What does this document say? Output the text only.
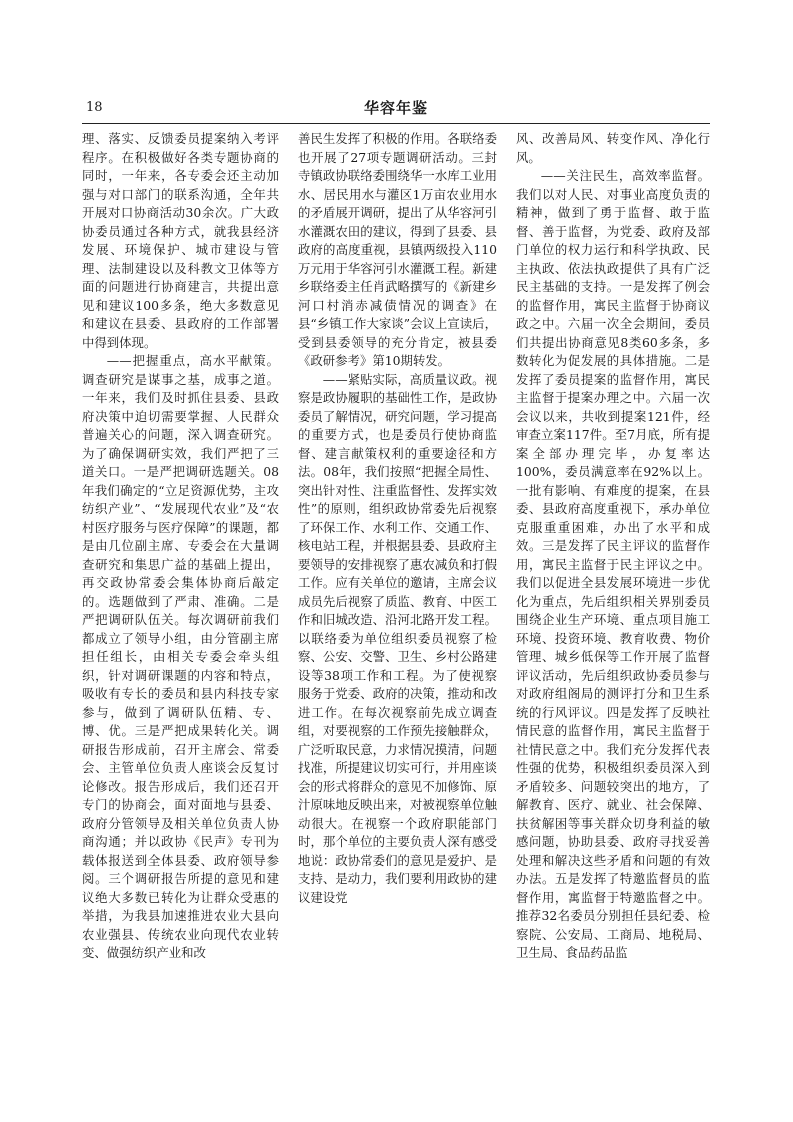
18	华容年鉴

理、落实、反馈委员提案纳入考评程序。在积极做好各类专题协商的同时，一年来，各专委会还主动加强与对口部门的联系沟通，全年共开展对口协商活动30余次。广大政协委员通过各种方式，就我县经济发展、环境保护、城市建设与管理、法制建设以及科教文卫体等方面的问题进行协商建言，共提出意见和建议100多条，绝大多数意见和建议在县委、县政府的工作部署中得到体现。

——把握重点，高水平献策。调查研究是谋事之基，成事之道。一年来，我们及时抓住县委、县政府决策中迫切需要掌握、人民群众普遍关心的问题，深入调查研究。为了确保调研实效，我们严把了三道关口。一是严把调研选题关。08年我们确定的“立足资源优势，主攻纺织产业”、“发展现代农业”及“农村医疗服务与医疗保障”的课题，都是由几位副主席、专委会在大量调查研究和集思广益的基础上提出，再交政协常委会集体协商后敲定的。选题做到了严肃、准确。二是严把调研队伍关。每次调研前我们都成立了领导小组，由分管副主席担任组长，由相关专委会牵头组织，针对调研课题的内容和特点，吸收有专长的委员和县内科技专家参与，做到了调研队伍精、专、博、优。三是严把成果转化关。调研报告形成前，召开主席会、常委会、主管单位负责人座谈会反复讨论修改。报告形成后，我们还召开专门的协商会，面对面地与县委、政府分管领导及相关单位负责人协商沟通；并以政协《民声》专刊为载体报送到全体县委、政府领导参阅。三个调研报告所提的意见和建议绝大多数已转化为让群众受惠的举措，为我县加速推进农业大县向农业强县、传统农业向现代农业转变、做强纺织产业和改

善民生发挥了积极的作用。各联络委也开展了27项专题调研活动。三封寺镇政协联络委围绕华一水库工业用水、居民用水与灌区1万亩农业用水的矛盾展开调研，提出了从华容河引水灌溉农田的建议，得到了县委、县政府的高度重视，县镇两级投入110万元用于华容河引水灌溉工程。新建乡联络委主任肖武略撰写的《新建乡河口村消赤减债情况的调查》在县“乡镇工作大家谈”会议上宣读后，受到县委领导的充分肯定，被县委《政研参考》第10期转发。

——紧贴实际，高质量议政。视察是政协履职的基础性工作，是政协委员了解情况，研究问题，学习提高的重要方式，也是委员行使协商监督、建言献策权利的重要途径和方法。08年，我们按照“把握全局性、突出针对性、注重监督性、发挥实效性”的原则，组织政协常委先后视察了环保工作、水利工作、交通工作、核电站工程，并根据县委、县政府主要领导的安排视察了惠农减负和打假工作。应有关单位的邀请，主席会议成员先后视察了质监、教育、中医工作和旧城改造、沿河北路开发工程。以联络委为单位组织委员视察了检察、公安、交警、卫生、乡村公路建设等38项工作和工程。为了使视察服务于党委、政府的决策，推动和改进工作。在每次视察前先成立调查组，对要视察的工作预先接触群众，广泛听取民意，力求情况摸清，问题找准，所提建议切实可行，并用座谈会的形式将群众的意见不加修饰、原汁原味地反映出来，对被视察单位触动很大。在视察一个政府职能部门时，那个单位的主要负责人深有感受地说：政协常委们的意见是爱护、是支持、是动力，我们要利用政协的建议建设党

风、改善局风、转变作风、净化行风。

——关注民生，高效率监督。我们以对人民、对事业高度负责的精神，做到了勇于监督、敢于监督、善于监督，为党委、政府及部门单位的权力运行和科学执政、民主执政、依法执政提供了具有广泛民主基础的支持。一是发挥了例会的监督作用，寓民主监督于协商议政之中。六届一次全会期间，委员们共提出协商意见8类60多条，多数转化为促发展的具体措施。二是发挥了委员提案的监督作用，寓民主监督于提案办理之中。六届一次会议以来，共收到提案121件，经审查立案117件。至7月底，所有提案全部办理完毕，办复率达100%，委员满意率在92%以上。一批有影响、有难度的提案，在县委、县政府高度重视下，承办单位克服重重困难，办出了水平和成效。三是发挥了民主评议的监督作用，寓民主监督于民主评议之中。我们以促进全县发展环境进一步优化为重点，先后组织相关界别委员围绕企业生产环境、重点项目施工环境、投资环境、教育收费、物价管理、城乡低保等工作开展了监督评议活动，先后组织政协委员参与对政府组阁局的测评打分和卫生系统的行风评议。四是发挥了反映社情民意的监督作用，寓民主监督于社情民意之中。我们充分发挥代表性强的优势，积极组织委员深入到矛盾较多、问题较突出的地方，了解教育、医疗、就业、社会保障、扶贫解困等事关群众切身利益的敏感问题，协助县委、政府寻找妥善处理和解决这些矛盾和问题的有效办法。五是发挥了特邀监督员的监督作用，寓监督于特邀监督之中。推荐32名委员分别担任县纪委、检察院、公安局、工商局、地税局、卫生局、食品药品监
